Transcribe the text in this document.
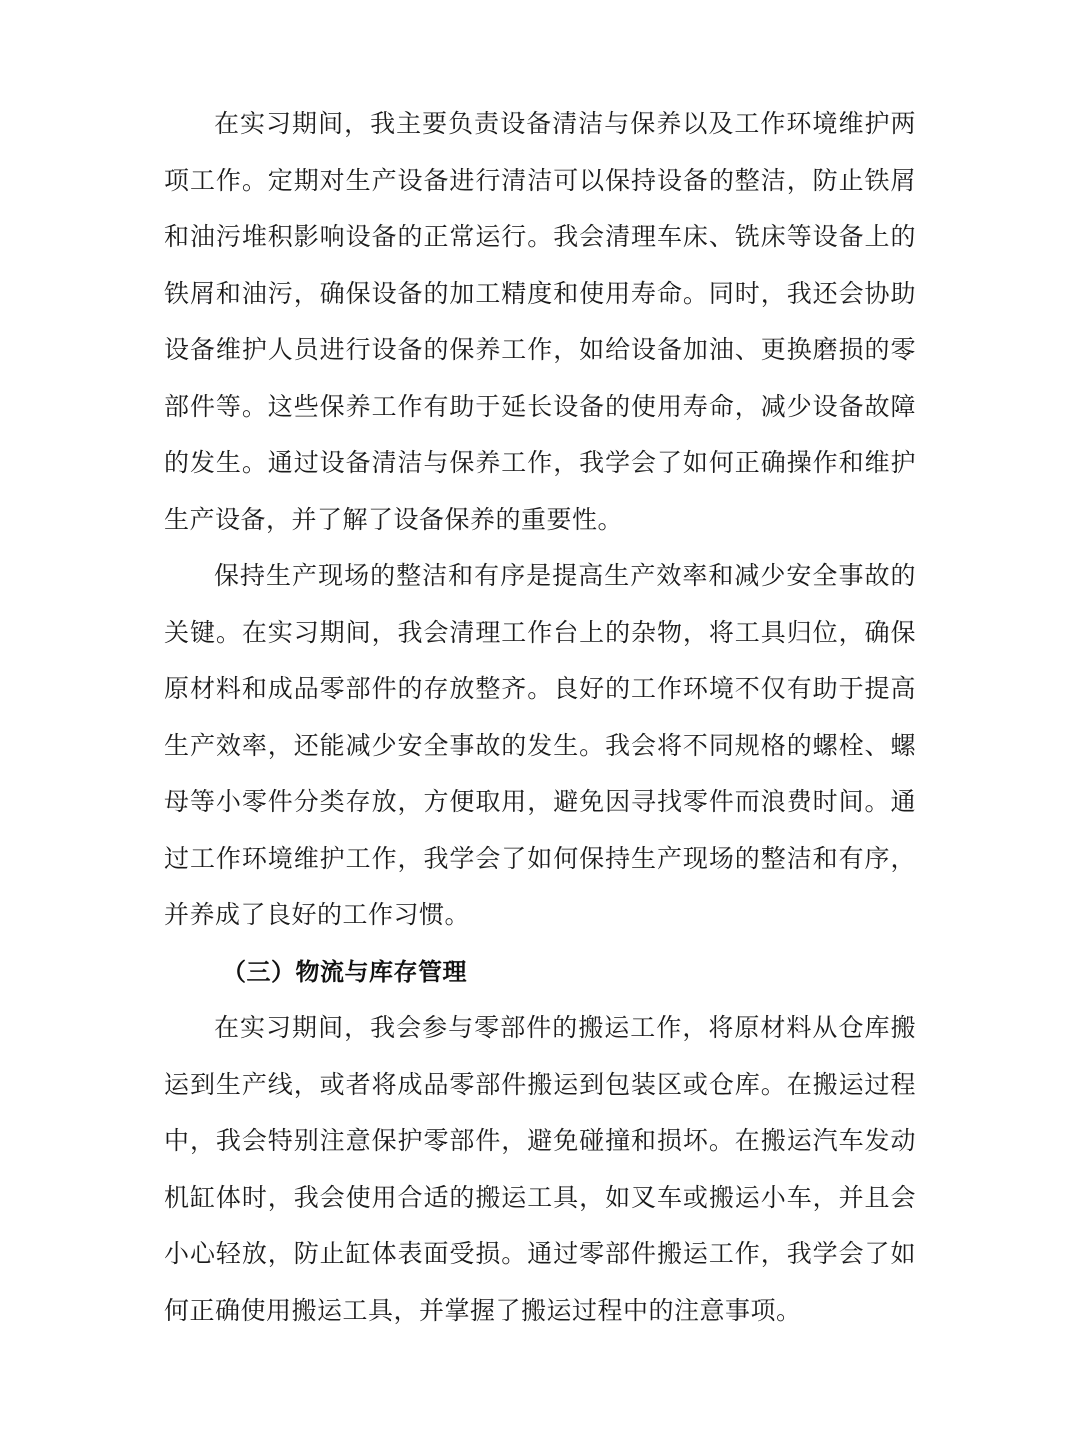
在实习期间，我主要负责设备清洁与保养以及工作环境维护两项工作。定期对生产设备进行清洁可以保持设备的整洁，防止铁屑和油污堆积影响设备的正常运行。我会清理车床、铣床等设备上的铁屑和油污，确保设备的加工精度和使用寿命。同时，我还会协助设备维护人员进行设备的保养工作，如给设备加油、更换磨损的零部件等。这些保养工作有助于延长设备的使用寿命，减少设备故障的发生。通过设备清洁与保养工作，我学会了如何正确操作和维护生产设备，并了解了设备保养的重要性。

保持生产现场的整洁和有序是提高生产效率和减少安全事故的关键。在实习期间，我会清理工作台上的杂物，将工具归位，确保原材料和成品零部件的存放整齐。良好的工作环境不仅有助于提高生产效率，还能减少安全事故的发生。我会将不同规格的螺栓、螺母等小零件分类存放，方便取用，避免因寻找零件而浪费时间。通过工作环境维护工作，我学会了如何保持生产现场的整洁和有序，并养成了良好的工作习惯。

（三）物流与库存管理

在实习期间，我会参与零部件的搬运工作，将原材料从仓库搬运到生产线，或者将成品零部件搬运到包装区或仓库。在搬运过程中，我会特别注意保护零部件，避免碰撞和损坏。在搬运汽车发动机缸体时，我会使用合适的搬运工具，如叉车或搬运小车，并且会小心轻放，防止缸体表面受损。通过零部件搬运工作，我学会了如何正确使用搬运工具，并掌握了搬运过程中的注意事项。
